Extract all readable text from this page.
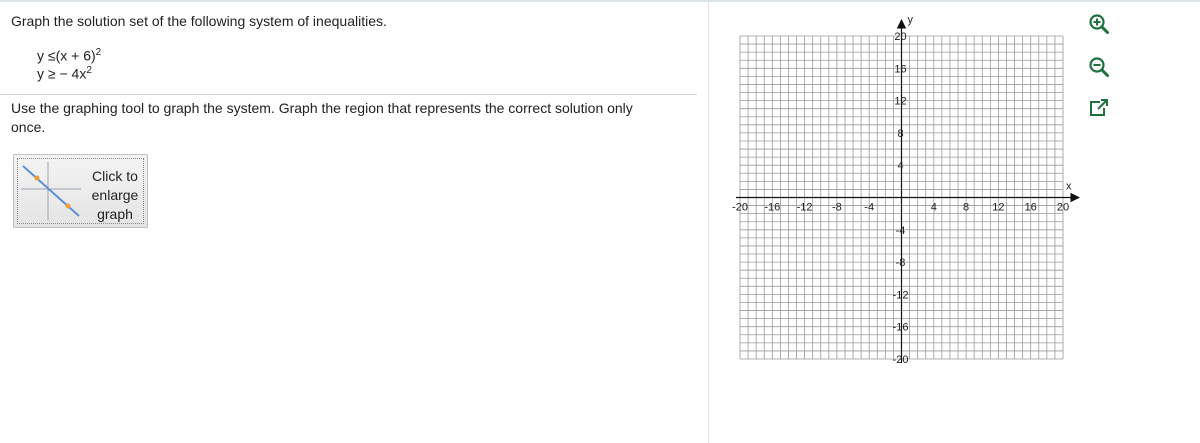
Graph the solution set of the following system of inequalities.
$y \le(x + 6)^2$
y ≥ − $4x^2$
Use the graphing tool to graph the system. Graph the region that represents the correct solution only
once.
Click to
enlarge
graph
x
y
-20 -16 -12 -8 -4	4 8 12 16 20
20
16
12
8
4
-4
-8
-12
-16
-20
